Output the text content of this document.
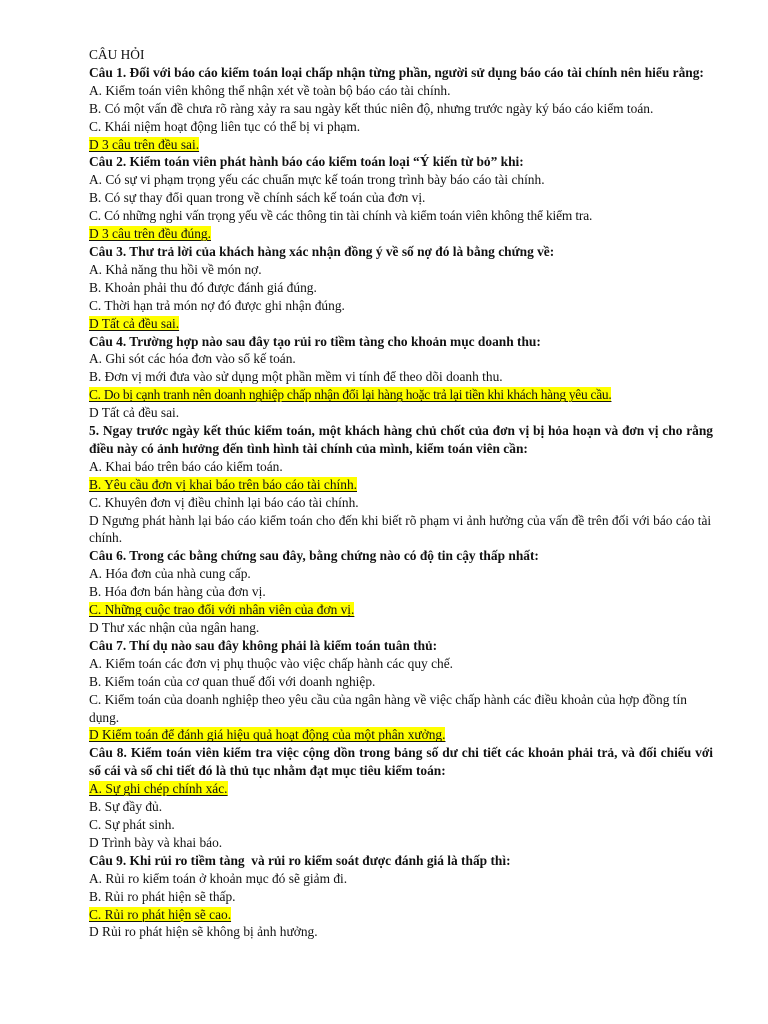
CÂU HỎI
Câu 1. Đối với báo cáo kiểm toán loại chấp nhận từng phần, người sử dụng báo cáo tài chính nên hiểu rằng:
A. Kiểm toán viên không thể nhận xét về toàn bộ báo cáo tài chính.
B. Có một vấn đề chưa rõ ràng xảy ra sau ngày kết thúc niên độ, nhưng trước ngày ký báo cáo kiểm toán.
C. Khái niệm hoạt động liên tục có thể bị vi phạm.
D 3 câu trên đều sai.
Câu 2. Kiểm toán viên phát hành báo cáo kiểm toán loại “Ý kiến từ bỏ” khi:
A. Có sự vi phạm trọng yếu các chuẩn mực kế toán trong trình bày báo cáo tài chính.
B. Có sự thay đổi quan trong về chính sách kế toán của đơn vị.
C. Có những nghi vấn trọng yếu về các thông tin tài chính và kiểm toán viên không thể kiểm tra.
D 3 câu trên đều đúng.
Câu 3. Thư trả lời của khách hàng xác nhận đồng ý về số nợ đó là bằng chứng về:
A. Khả năng thu hồi về món nợ.
B. Khoản phải thu đó được đánh giá đúng.
C. Thời hạn trả món nợ đó được ghi nhận đúng.
D Tất cả đều sai.
Câu 4. Trường hợp nào sau đây tạo rủi ro tiềm tàng cho khoản mục doanh thu:
A. Ghi sót các hóa đơn vào sổ kế toán.
B. Đơn vị mới đưa vào sử dụng một phần mềm vi tính để theo dõi doanh thu.
C. Do bị cạnh tranh nên doanh nghiệp chấp nhận đổi lại hàng hoặc trả lại tiền khi khách hàng yêu cầu.
D Tất cả đều sai.
5. Ngay trước ngày kết thúc kiểm toán, một khách hàng chủ chốt của đơn vị bị hỏa hoạn và đơn vị cho rằng điều này có ảnh hưởng đến tình hình tài chính của mình, kiểm toán viên cần:
A. Khai báo trên báo cáo kiểm toán.
B. Yêu cầu đơn vị khai báo trên báo cáo tài chính.
C. Khuyên đơn vị điều chỉnh lại báo cáo tài chính.
D Ngưng phát hành lại báo cáo kiểm toán cho đến khi biết rõ phạm vi ảnh hưởng của vấn đề trên đối với báo cáo tài chính.
Câu 6. Trong các bằng chứng sau đây, bằng chứng nào có độ tin cậy thấp nhất:
A. Hóa đơn của nhà cung cấp.
B. Hóa đơn bán hàng của đơn vị.
C. Những cuộc trao đổi với nhân viên của đơn vị.
D Thư xác nhận của ngân hang.
Câu 7. Thí dụ nào sau đây không phải là kiểm toán tuân thủ:
A. Kiểm toán các đơn vị phụ thuộc vào việc chấp hành các quy chế.
B. Kiểm toán của cơ quan thuế đối với doanh nghiệp.
C. Kiểm toán của doanh nghiệp theo yêu cầu của ngân hàng về việc chấp hành các điều khoản của hợp đồng tín dụng.
D Kiểm toán để đánh giá hiệu quả hoạt động của một phân xưởng.
Câu 8. Kiểm toán viên kiểm tra việc cộng dồn trong bảng số dư chi tiết các khoản phải trả, và đối chiếu với sổ cái và sổ chi tiết đó là thủ tục nhằm đạt mục tiêu kiểm toán:
A. Sự ghi chép chính xác.
B. Sự đầy đủ.
C. Sự phát sinh.
D Trình bày và khai báo.
Câu 9. Khi rủi ro tiềm tàng  và rủi ro kiểm soát được đánh giá là thấp thì:
A. Rủi ro kiểm toán ở khoản mục đó sẽ giảm đi.
B. Rủi ro phát hiện sẽ thấp.
C. Rủi ro phát hiện sẽ cao.
D Rủi ro phát hiện sẽ không bị ảnh hưởng.
